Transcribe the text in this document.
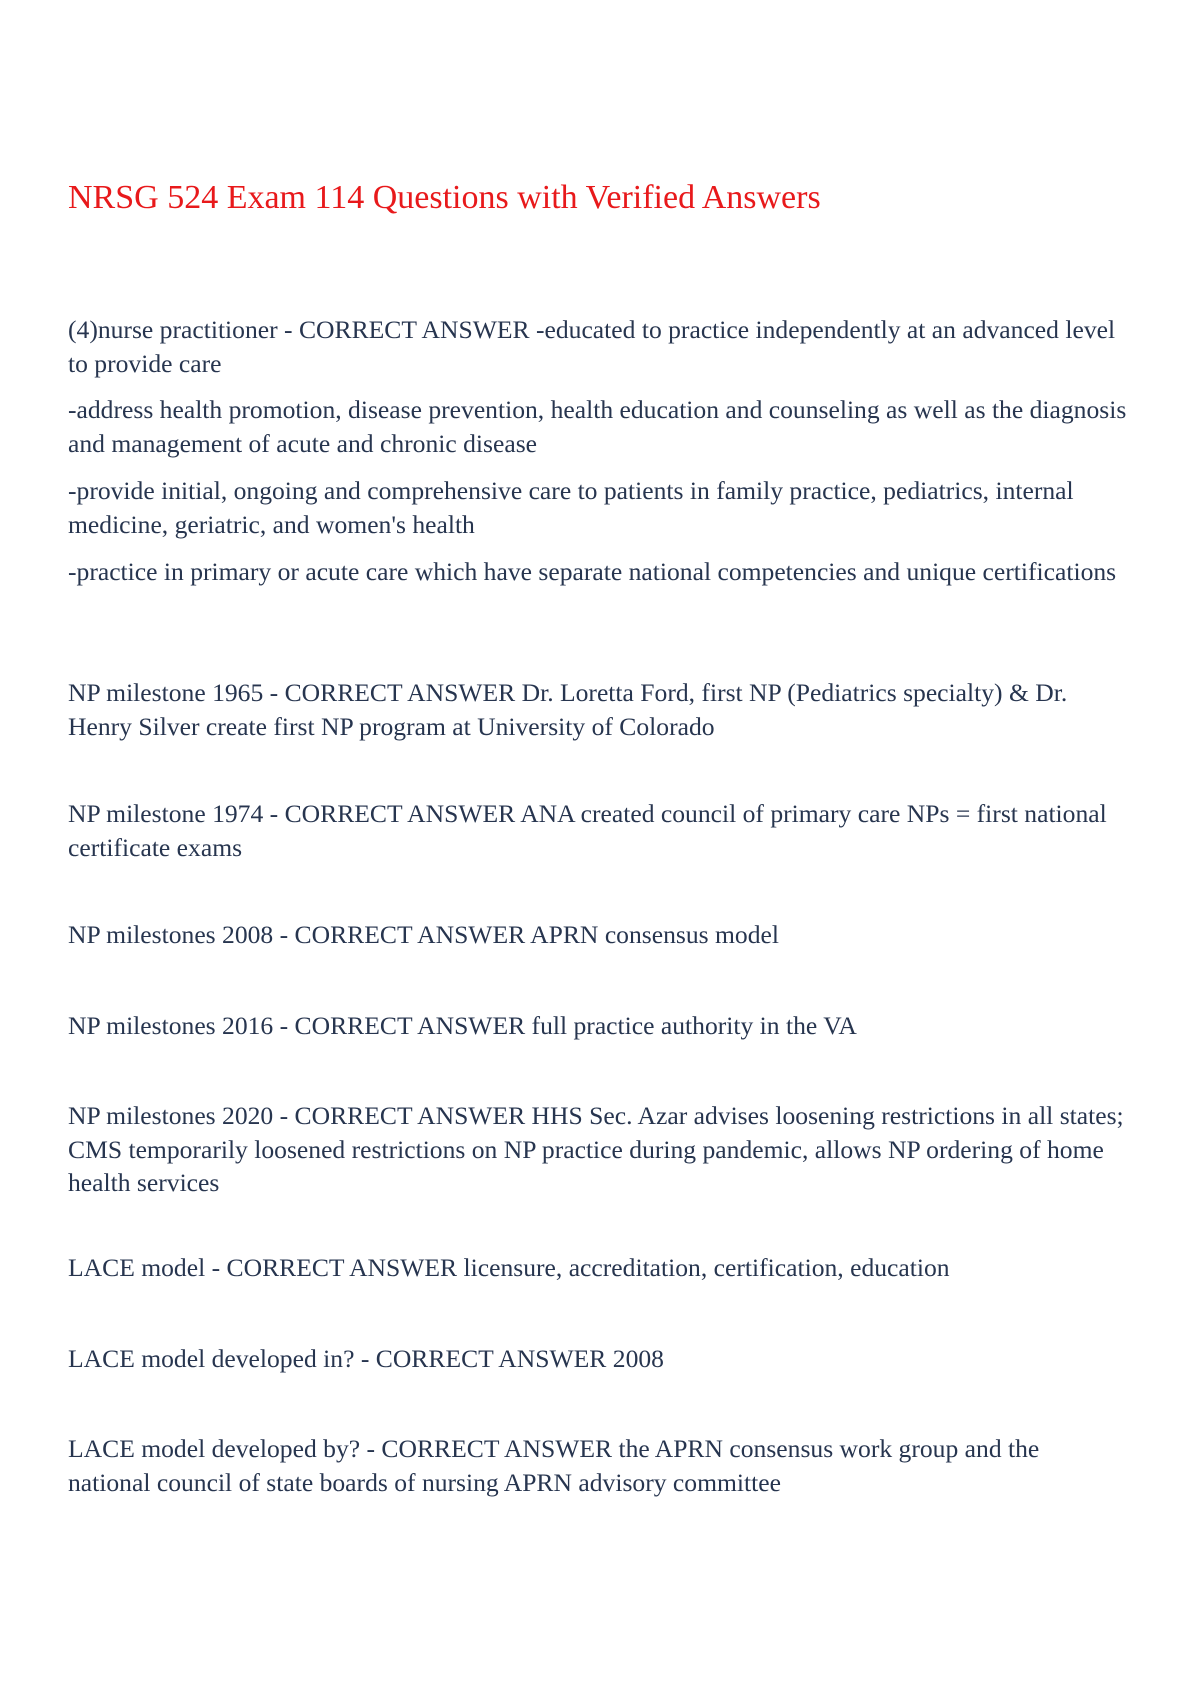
NRSG 524 Exam 114 Questions with Verified Answers

(4)nurse practitioner - CORRECT ANSWER -educated to practice independently at an advanced level to provide care

-address health promotion, disease prevention, health education and counseling as well as the diagnosis and management of acute and chronic disease

-provide initial, ongoing and comprehensive care to patients in family practice, pediatrics, internal medicine, geriatric, and women's health

-practice in primary or acute care which have separate national competencies and unique certifications

NP milestone 1965 - CORRECT ANSWER Dr. Loretta Ford, first NP (Pediatrics specialty) & Dr. Henry Silver create first NP program at University of Colorado

NP milestone 1974 - CORRECT ANSWER ANA created council of primary care NPs = first national certificate exams

NP milestones 2008 - CORRECT ANSWER APRN consensus model

NP milestones 2016 - CORRECT ANSWER full practice authority in the VA

NP milestones 2020 - CORRECT ANSWER HHS Sec. Azar advises loosening restrictions in all states; CMS temporarily loosened restrictions on NP practice during pandemic, allows NP ordering of home health services

LACE model - CORRECT ANSWER licensure, accreditation, certification, education

LACE model developed in? - CORRECT ANSWER 2008

LACE model developed by? - CORRECT ANSWER the APRN consensus work group and the national council of state boards of nursing APRN advisory committee
